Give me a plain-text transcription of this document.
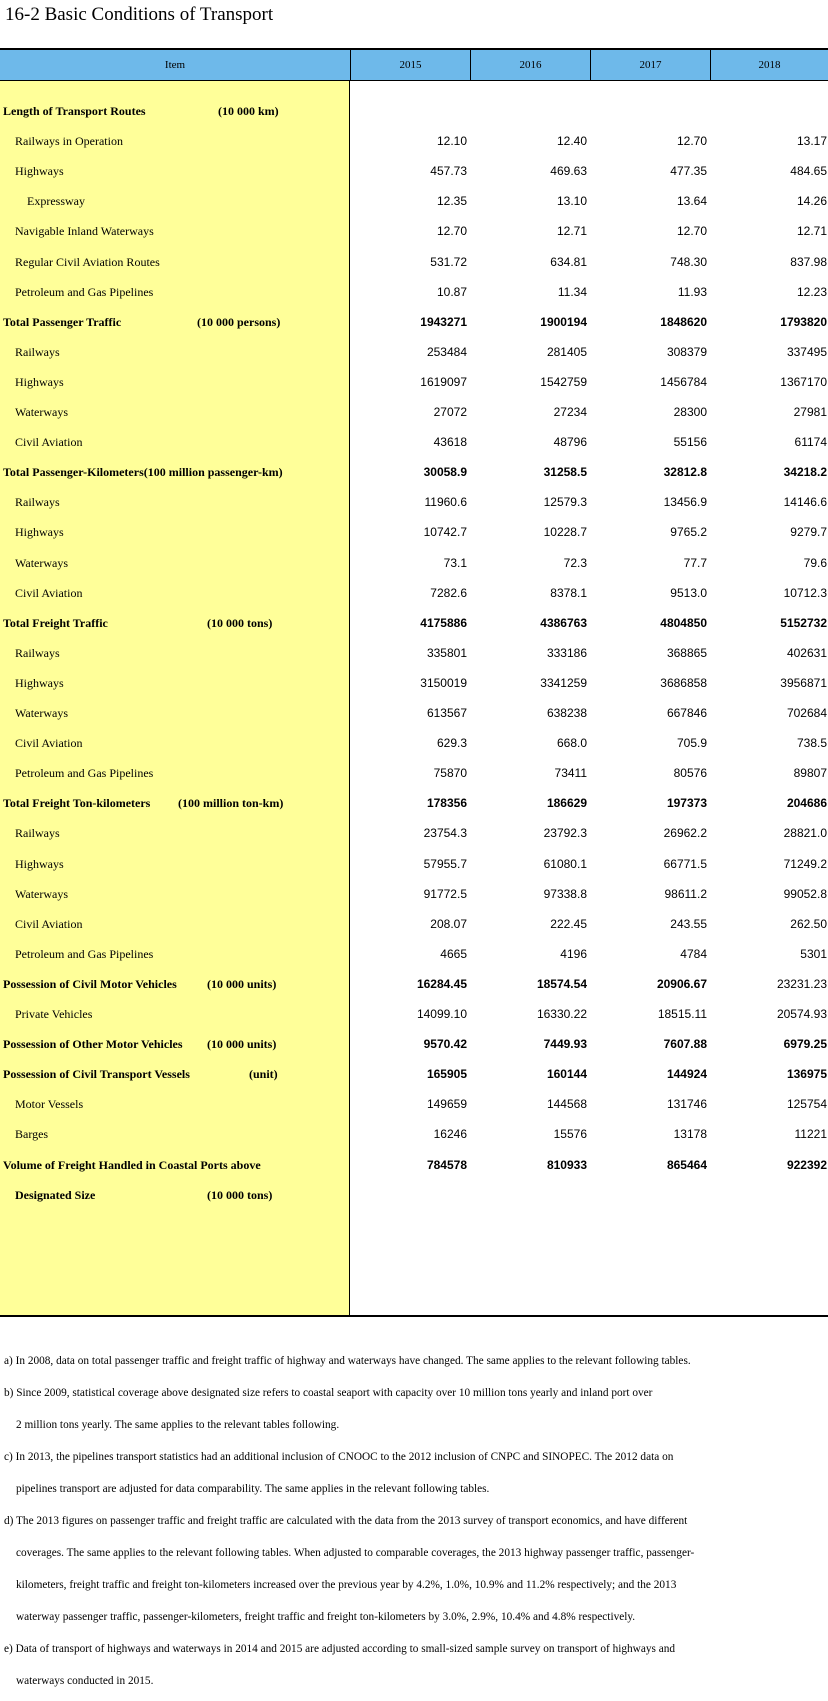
16-2 Basic Conditions of Transport
Item	2015	2016	2017	2018
Length of Transport Routes	(10 000 km)
Railways in Operation	12.10	12.40	12.70	13.17
Highways	457.73	469.63	477.35	484.65
Expressway	12.35	13.10	13.64	14.26
Navigable Inland Waterways	12.70	12.71	12.70	12.71
Regular Civil Aviation Routes	531.72	634.81	748.30	837.98
Petroleum and Gas Pipelines	10.87	11.34	11.93	12.23
Total Passenger Traffic	(10 000 persons)	1943271	1900194	1848620	1793820
Railways	253484	281405	308379	337495
Highways	1619097	1542759	1456784	1367170
Waterways	27072	27234	28300	27981
Civil Aviation	43618	48796	55156	61174
Total Passenger-Kilometers(100 million passenger-km)	30058.9	31258.5	32812.8	34218.2
Railways	11960.6	12579.3	13456.9	14146.6
Highways	10742.7	10228.7	9765.2	9279.7
Waterways	73.1	72.3	77.7	79.6
Civil Aviation	7282.6	8378.1	9513.0	10712.3
Total Freight Traffic	(10 000 tons)	4175886	4386763	4804850	5152732
Railways	335801	333186	368865	402631
Highways	3150019	3341259	3686858	3956871
Waterways	613567	638238	667846	702684
Civil Aviation	629.3	668.0	705.9	738.5
Petroleum and Gas Pipelines	75870	73411	80576	89807
Total Freight Ton-kilometers (100 million ton-km)	178356	186629	197373	204686
Railways	23754.3	23792.3	26962.2	28821.0
Highways	57955.7	61080.1	66771.5	71249.2
Waterways	91772.5	97338.8	98611.2	99052.8
Civil Aviation	208.07	222.45	243.55	262.50
Petroleum and Gas Pipelines	4665	4196	4784	5301
Possession of Civil Motor Vehicles	(10 000 units)	16284.45	18574.54	20906.67	23231.23
Private Vehicles	14099.10	16330.22	18515.11	20574.93
Possession of Other Motor Vehicles (10 000 units)	9570.42	7449.93	7607.88	6979.25
Possession of Civil Transport Vessels	(unit)	165905	160144	144924	136975
Motor Vessels	149659	144568	131746	125754
Barges	16246	15576	13178	11221
Volume of Freight Handled in Coastal Ports above	784578	810933	865464	922392
Designated Size	(10 000 tons)

a) In 2008, data on total passenger traffic and freight traffic of highway and waterways have changed. The same applies to the relevant following tables.

b) Since 2009, statistical coverage above designated size refers to coastal seaport with capacity over 10 million tons yearly and inland port over

2 million tons yearly. The same applies to the relevant tables following.

c) In 2013, the pipelines transport statistics had an additional inclusion of CNOOC to the 2012 inclusion of CNPC and SINOPEC. The 2012 data on

pipelines transport are adjusted for data comparability. The same applies in the relevant following tables.

d) The 2013 figures on passenger traffic and freight traffic are calculated with the data from the 2013 survey of transport economics, and have different

coverages. The same applies to the relevant following tables. When adjusted to comparable coverages, the 2013 highway passenger traffic, passenger-

kilometers, freight traffic and freight ton-kilometers increased over the previous year by 4.2%, 1.0%, 10.9% and 11.2% respectively; and the 2013

waterway passenger traffic, passenger-kilometers, freight traffic and freight ton-kilometers by 3.0%, 2.9%, 10.4% and 4.8% respectively.

e) Data of transport of highways and waterways in 2014 and 2015 are adjusted according to small-sized sample survey on transport of highways and

waterways conducted in 2015.
